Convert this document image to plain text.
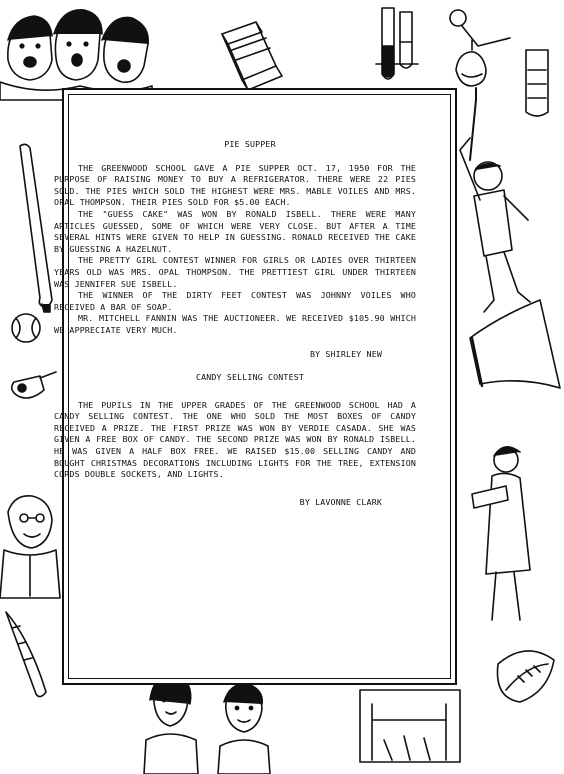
PIE SUPPER

THE GREENWOOD SCHOOL GAVE A PIE SUPPER OCT. 17, 1950 FOR THE PURPOSE OF RAISING MONEY TO BUY A REFRIGERATOR. THERE WERE 22 PIES SOLD. THE PIES WHICH SOLD THE HIGHEST WERE MRS. MABLE VOILES AND MRS. OPAL THOMPSON. THEIR PIES SOLD FOR $5.00 EACH.

THE "GUESS CAKE" WAS WON BY RONALD ISBELL. THERE WERE MANY ARTICLES GUESSED, SOME OF WHICH WERE VERY CLOSE. BUT AFTER A TIME SEVERAL HINTS WERE GIVEN TO HELP IN GUESSING. RONALD RECEIVED THE CAKE BY GUESSING A HAZELNUT.

THE PRETTY GIRL CONTEST WINNER FOR GIRLS OR LADIES OVER THIRTEEN YEARS OLD WAS MRS. OPAL THOMPSON. THE PRETTIEST GIRL UNDER THIRTEEN WAS JENNIFER SUE ISBELL.

THE WINNER OF THE DIRTY FEET CONTEST WAS JOHNNY VOILES WHO RECEIVED A BAR OF SOAP.

MR. MITCHELL FANNIN WAS THE AUCTIONEER. WE RECEIVED $105.90 WHICH WE APPRECIATE VERY MUCH.

BY SHIRLEY NEW
CANDY SELLING CONTEST

THE PUPILS IN THE UPPER GRADES OF THE GREENWOOD SCHOOL HAD A CANDY SELLING CONTEST. THE ONE WHO SOLD THE MOST BOXES OF CANDY RECEIVED A PRIZE. THE FIRST PRIZE WAS WON BY VERDIE CASADA. SHE WAS GIVEN A FREE BOX OF CANDY. THE SECOND PRIZE WAS WON BY RONALD ISBELL. HE WAS GIVEN A HALF BOX FREE. WE RAISED $15.00 SELLING CANDY AND BOUGHT CHRISTMAS DECORATIONS INCLUDING LIGHTS FOR THE TREE, EXTENSION CORDS DOUBLE SOCKETS, AND LIGHTS.

BY LAVONNE CLARK
